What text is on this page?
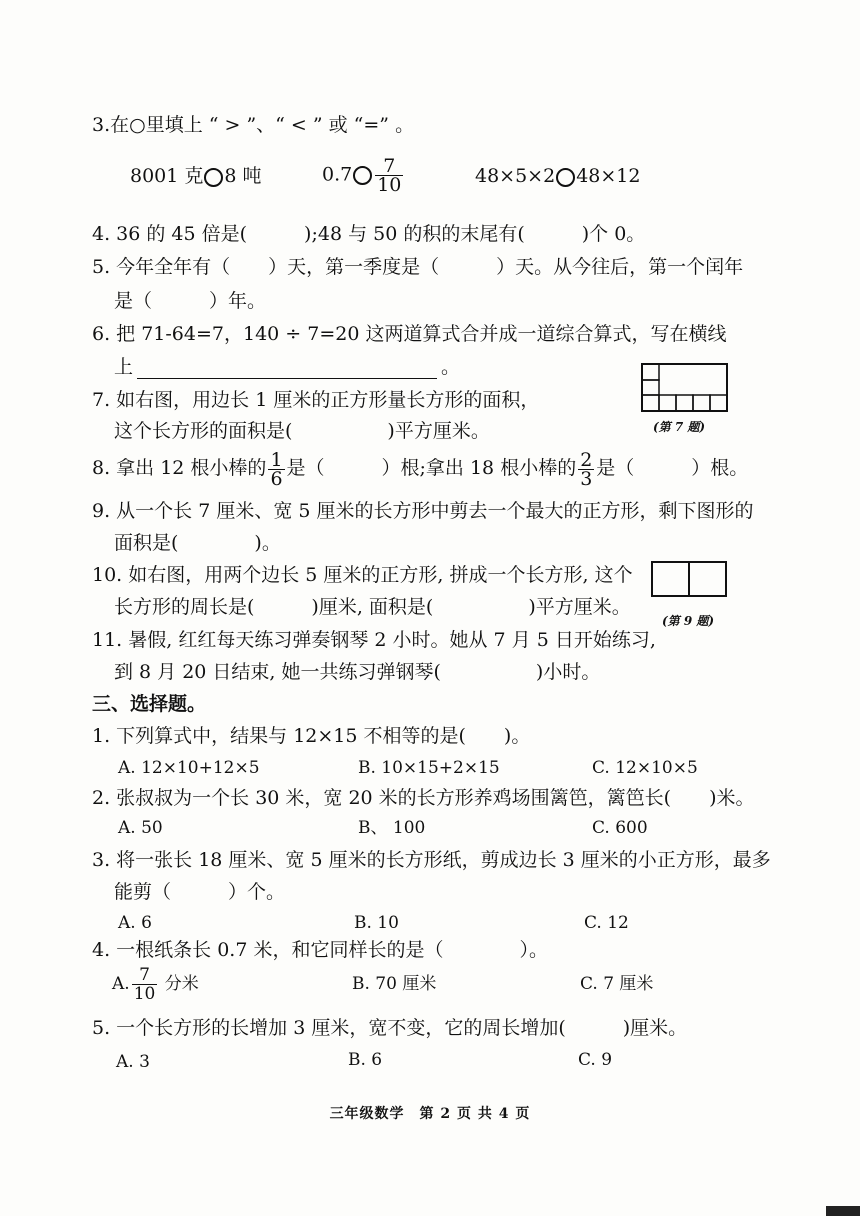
3.在○里填上 “ > ”、“ < ” 或 “=” 。
8001 克 8 吨	$0.7 \frac{7}{10}$	48×5×2 48×12
4. 36 的 45 倍是(　　　);48 与 50 的积的末尾有(　　　)个 0。
5. 今年全年有（　　）天，第一季度是（　　　）天。从今往后，第一个闰年
是（　　　）年。
6. 把 71-64=7，140 ÷ 7=20 这两道算式合并成一道综合算式，写在横线
上	。
7. 如右图，用边长 1 厘米的正方形量长方形的面积，
这个长方形的面积是(　　　　　)平方厘米。	(第 7 题)
8. 拿出 12 根小棒的 $\frac{1}{6}$ 是（　　　）根;拿出 18 根小棒的 $\frac{2}{3}$ 是（　　　）根。
9. 从一个长 7 厘米、宽 5 厘米的长方形中剪去一个最大的正方形，剩下图形的
面积是(　　　　)。
10. 如右图，用两个边长 5 厘米的正方形, 拼成一个长方形, 这个
长方形的周长是(　　　)厘米, 面积是(　　　　　)平方厘米。
(第 9 题)
11. 暑假, 红红每天练习弹奏钢琴 2 小时。她从 7 月 5 日开始练习,
到 8 月 20 日结束, 她一共练习弹钢琴(　　　　　)小时。
三、选择题。
1. 下列算式中，结果与 12×15 不相等的是(　　)。
A. 12×10+12×5	B. 10×15+2×15	C. 12×10×5
2. 张叔叔为一个长 30 米，宽 20 米的长方形养鸡场围篱笆，篱笆长(　　)米。
A. 50	B、 100	C. 600
3. 将一张长 18 厘米、宽 5 厘米的长方形纸，剪成边长 3 厘米的小正方形，最多
能剪（　　　）个。
A. 6	B. 10	C. 12
4. 一根纸条长 0.7 米，和它同样长的是（　　　　）。
A. $\frac{7}{10}$ 分米	B. 70 厘米	C. 7 厘米
5. 一个长方形的长增加 3 厘米，宽不变，它的周长增加(　　　)厘米。
A. 3	B. 6	C. 9
三年级数学　第 2 页 共 4 页
